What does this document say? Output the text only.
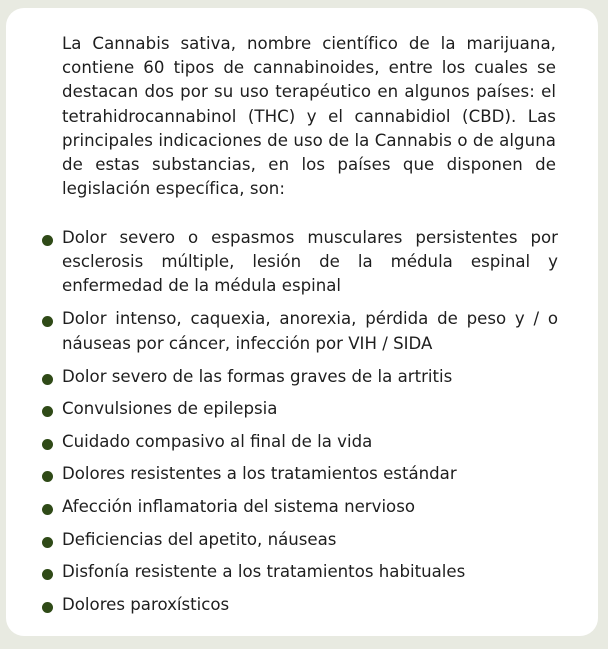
La Cannabis sativa, nombre científico de la marijuana, contiene 60 tipos de cannabinoides, entre los cuales se destacan dos por su uso terapéutico en algunos países: el tetrahidrocannabinol (THC) y el cannabidiol (CBD). Las principales indicaciones de uso de la Cannabis o de alguna de estas substancias, en los países que disponen de legislación específica, son:

Dolor severo o espasmos musculares persistentes por esclerosis múltiple, lesión de la médula espinal y enfermedad de la médula espinal
Dolor intenso, caquexia, anorexia, pérdida de peso y / o náuseas por cáncer, infección por VIH / SIDA
Dolor severo de las formas graves de la artritis
Convulsiones de epilepsia
Cuidado compasivo al final de la vida
Dolores resistentes a los tratamientos estándar
Afección inflamatoria del sistema nervioso
Deficiencias del apetito, náuseas
Disfonía resistente a los tratamientos habituales
Dolores paroxísticos
